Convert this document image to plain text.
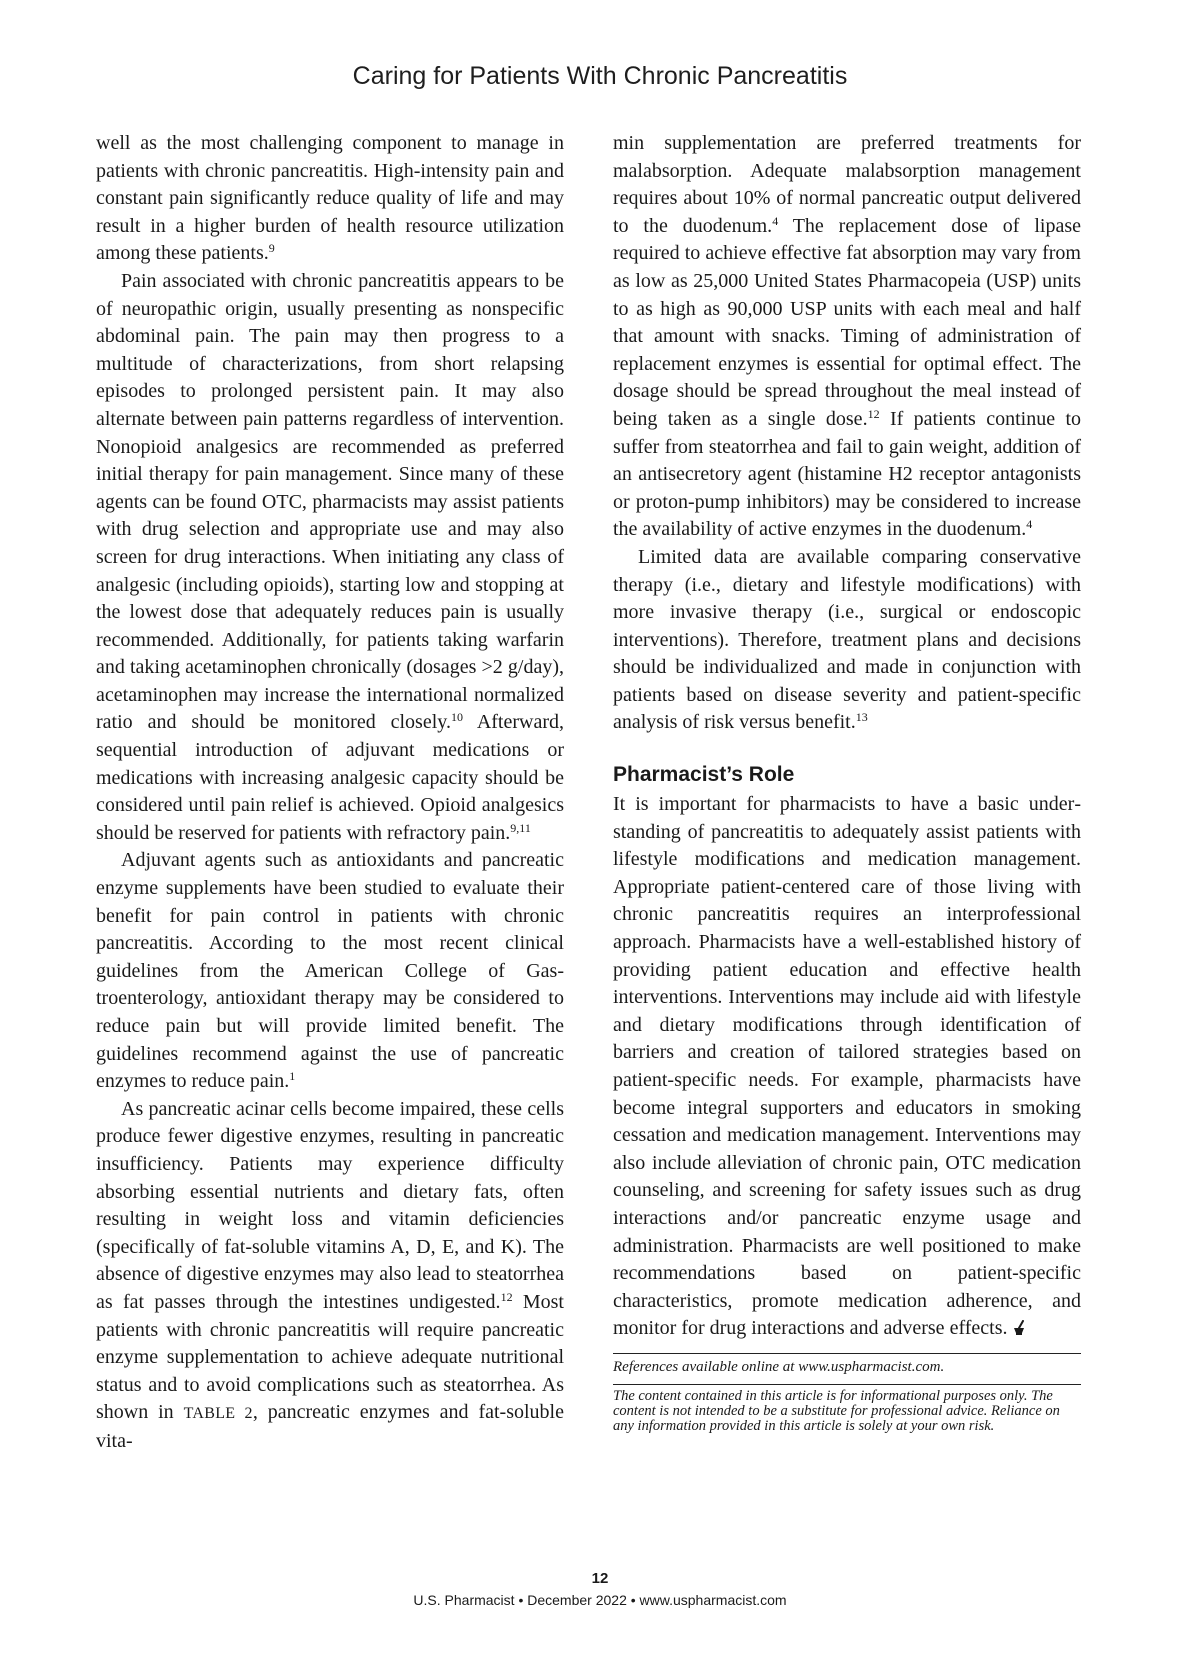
Caring for Patients With Chronic Pancreatitis

well as the most challenging component to manage in patients with chronic pancreatitis. High-intensity pain and constant pain significantly reduce quality of life and may result in a higher burden of health resource utilization among these patients.$^9$

Pain associated with chronic pancreatitis appears to be of neuropathic origin, usually presenting as nonspecific abdominal pain. The pain may then progress to a multitude of characterizations, from short relapsing episodes to prolonged persistent pain. It may also alternate between pain patterns regardless of intervention. Nonopioid analgesics are recommended as preferred initial therapy for pain management. Since many of these agents can be found OTC, pharmacists may assist patients with drug selection and appropriate use and may also screen for drug interactions. When initiating any class of analgesic (including opioids), starting low and stopping at the lowest dose that adequately reduces pain is usually recommended. Additionally, for patients taking warfarin and taking acetaminophen chronically (dosages >2 g/day), acetaminophen may increase the international normalized ratio and should be monitored closely.$^{10}$ Afterward, sequential introduction of adjuvant medications or medications with increasing analgesic capacity should be considered until pain relief is achieved. Opioid analgesics should be reserved for patients with refractory pain.$^{9,11}$

Adjuvant agents such as antioxidants and pancreatic enzyme supplements have been studied to evaluate their benefit for pain control in patients with chronic pancreatitis. According to the most recent clinical guidelines from the American College of Gastroenterology, antioxidant therapy may be considered to reduce pain but will provide limited benefit. The guidelines recommend against the use of pancreatic enzymes to reduce pain.$^1$

As pancreatic acinar cells become impaired, these cells produce fewer digestive enzymes, resulting in pancreatic insufficiency. Patients may experience difficulty absorbing essential nutrients and dietary fats, often resulting in weight loss and vitamin deficiencies (specifically of fat-soluble vitamins A, D, E, and K). The absence of digestive enzymes may also lead to steatorrhea as fat passes through the intestines undigested.$^{12}$ Most patients with chronic pancreatitis will require pancreatic enzyme supplementation to achieve adequate nutritional status and to avoid complications such as steatorrhea. As shown in TABLE 2, pancreatic enzymes and fat-soluble vita-

min supplementation are preferred treatments for malabsorption. Adequate malabsorption management requires about 10% of normal pancreatic output delivered to the duodenum.$^4$ The replacement dose of lipase required to achieve effective fat absorption may vary from as low as 25,000 United States Pharmacopeia (USP) units to as high as 90,000 USP units with each meal and half that amount with snacks. Timing of administration of replacement enzymes is essential for optimal effect. The dosage should be spread throughout the meal instead of being taken as a single dose.$^{12}$ If patients continue to suffer from steatorrhea and fail to gain weight, addition of an antisecretory agent (histamine H2 receptor antagonists or proton-pump inhibitors) may be considered to increase the availability of active enzymes in the duodenum.$^4$

Limited data are available comparing conservative therapy (i.e., dietary and lifestyle modifications) with more invasive therapy (i.e., surgical or endoscopic interventions). Therefore, treatment plans and decisions should be individualized and made in conjunction with patients based on disease severity and patient-specific analysis of risk versus benefit.$^{13}$

Pharmacist’s Role

It is important for pharmacists to have a basic understanding of pancreatitis to adequately assist patients with lifestyle modifications and medication management. Appropriate patient-centered care of those living with chronic pancreatitis requires an interprofessional approach. Pharmacists have a well-established history of providing patient education and effective health interventions. Interventions may include aid with lifestyle and dietary modifications through identification of barriers and creation of tailored strategies based on patient-specific needs. For example, pharmacists have become integral supporters and educators in smoking cessation and medication management. Interventions may also include alleviation of chronic pain, OTC medication counseling, and screening for safety issues such as drug interactions and/or pancreatic enzyme usage and administration. Pharmacists are well positioned to make recommendations based on patient-specific characteristics, promote medication adherence, and monitor for drug interactions and adverse effects.

References available online at www.uspharmacist.com.
The content contained in this article is for informational purposes only. The content is not intended to be a substitute for professional advice. Reliance on any information provided in this article is solely at your own risk.
12
U.S. Pharmacist • December 2022 • www.uspharmacist.com
